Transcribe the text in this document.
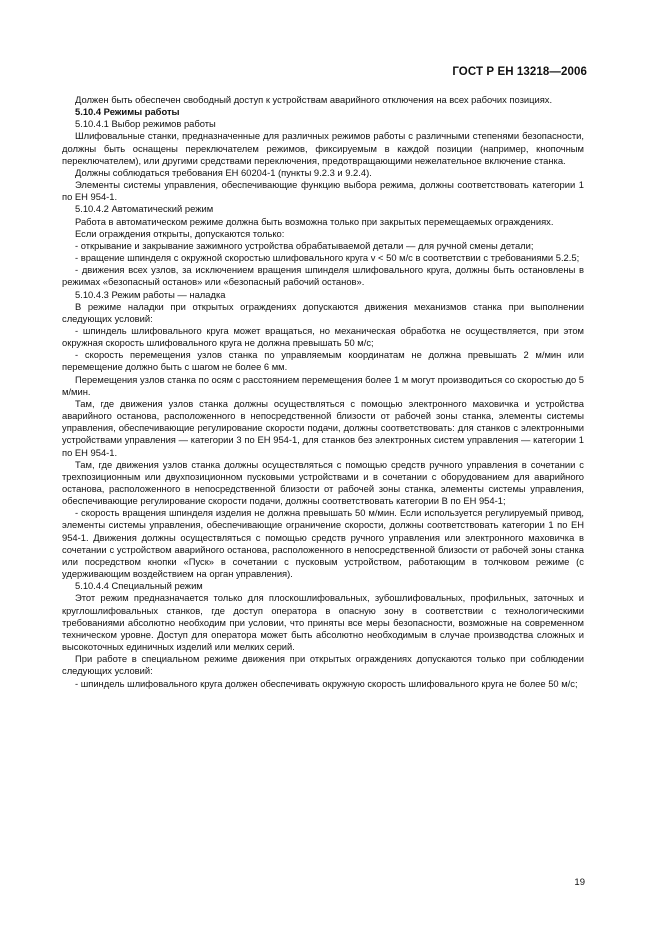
ГОСТ Р ЕН 13218—2006

Должен быть обеспечен свободный доступ к устройствам аварийного отключения на всех рабочих позициях.

5.10.4 Режимы работы

5.10.4.1 Выбор режимов работы

Шлифовальные станки, предназначенные для различных режимов работы с различными степенями безопасности, должны быть оснащены переключателем режимов, фиксируемым в каждой позиции (например, кнопочным переключателем), или другими средствами переключения, предотвращающими нежелательное включение станка.

Должны соблюдаться требования ЕН 60204-1 (пункты 9.2.3 и 9.2.4).

Элементы системы управления, обеспечивающие функцию выбора режима, должны соответствовать категории 1 по ЕН 954-1.

5.10.4.2 Автоматический режим

Работа в автоматическом режиме должна быть возможна только при закрытых перемещаемых ограждениях.

Если ограждения открыты, допускаются только:

- открывание и закрывание зажимного устройства обрабатываемой детали — для ручной смены детали;

- вращение шпинделя с окружной скоростью шлифовального круга v < 50 м/с в соответствии с требованиями 5.2.5;

- движения всех узлов, за исключением вращения шпинделя шлифовального круга, должны быть остановлены в режимах «безопасный останов» или «безопасный рабочий останов».

5.10.4.3 Режим работы — наладка

В режиме наладки при открытых ограждениях допускаются движения механизмов станка при выполнении следующих условий:

- шпиндель шлифовального круга может вращаться, но механическая обработка не осуществляется, при этом окружная скорость шлифовального круга не должна превышать 50 м/с;

- скорость перемещения узлов станка по управляемым координатам не должна превышать 2 м/мин или перемещение должно быть с шагом не более 6 мм.

Перемещения узлов станка по осям с расстоянием перемещения более 1 м могут производиться со скоростью до 5 м/мин.

Там, где движения узлов станка должны осуществляться с помощью электронного маховичка и устройства аварийного останова, расположенного в непосредственной близости от рабочей зоны станка, элементы системы управления, обеспечивающие регулирование скорости подачи, должны соответствовать: для станков с электронными устройствами управления — категории 3 по ЕН 954-1, для станков без электронных систем управления — категории 1 по ЕН 954-1.

Там, где движения узлов станка должны осуществляться с помощью средств ручного управления в сочетании с трехпозиционным или двухпозиционном пусковыми устройствами и в сочетании с оборудованием для аварийного останова, расположенного в непосредственной близости от рабочей зоны станка, элементы системы управления, обеспечивающие регулирование скорости подачи, должны соответствовать категории В по ЕН 954-1;

- скорость вращения шпинделя изделия не должна превышать 50 м/мин. Если используется регулируемый привод, элементы системы управления, обеспечивающие ограничение скорости, должны соответствовать категории 1 по ЕН 954-1. Движения должны осуществляться с помощью средств ручного управления или электронного маховичка в сочетании с устройством аварийного останова, расположенного в непосредственной близости от рабочей зоны станка или посредством кнопки «Пуск» в сочетании с пусковым устройством, работающим в толчковом режиме (с удерживающим воздействием на орган управления).

5.10.4.4 Специальный режим

Этот режим предназначается только для плоскошлифовальных, зубошлифовальных, профильных, заточных и круглошлифовальных станков, где доступ оператора в опасную зону в соответствии с технологическими требованиями абсолютно необходим при условии, что приняты все меры безопасности, возможные на современном техническом уровне. Доступ для оператора может быть абсолютно необходимым в случае производства сложных и высокоточных единичных изделий или мелких серий.

При работе в специальном режиме движения при открытых ограждениях допускаются только при соблюдении следующих условий:

- шпиндель шлифовального круга должен обеспечивать окружную скорость шлифовального круга не более 50 м/с;

19
